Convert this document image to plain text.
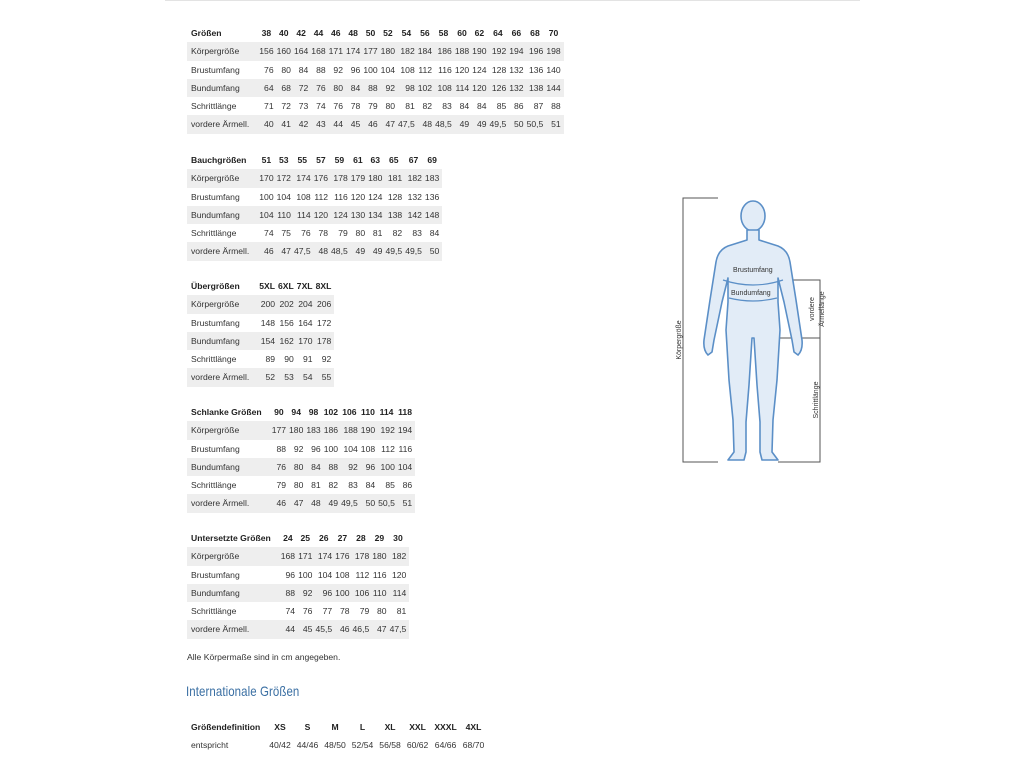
Größen	38	40	42	44	46	48	50	52	54	56	58	60	62	64	66	68	70
Körpergröße	156	160	164	168	171	174	177	180	182	184	186	188	190	192	194	196	198
Brustumfang	76	80	84	88	92	96	100	104	108	112	116	120	124	128	132	136	140
Bundumfang	64	68	72	76	80	84	88	92	98	102	108	114	120	126	132	138	144
Schrittlänge	71	72	73	74	76	78	79	80	81	82	83	84	84	85	86	87	88
vordere Ärmell.	40	41	42	43	44	45	46	47	47,5	48	48,5	49	49	49,5	50	50,5	51
Bauchgrößen	51	53	55	57	59	61	63	65	67	69
Körpergröße	170	172	174	176	178	179	180	181	182	183
Brustumfang	100	104	108	112	116	120	124	128	132	136
Bundumfang	104	110	114	120	124	130	134	138	142	148
Schrittlänge	74	75	76	78	79	80	81	82	83	84
vordere Ärmell.	46	47	47,5	48	48,5	49	49	49,5	49,5	50
Übergrößen	5XL	6XL	7XL	8XL
Körpergröße	200	202	204	206
Brustumfang	148	156	164	172
Bundumfang	154	162	170	178
Schrittlänge	89	90	91	92
vordere Ärmell.	52	53	54	55
Schlanke Größen	90	94	98	102	106	110	114	118
Körpergröße	177	180	183	186	188	190	192	194
Brustumfang	88	92	96	100	104	108	112	116
Bundumfang	76	80	84	88	92	96	100	104
Schrittlänge	79	80	81	82	83	84	85	86
vordere Ärmell.	46	47	48	49	49,5	50	50,5	51
Untersetzte Größen	24	25	26	27	28	29	30
Körpergröße	168	171	174	176	178	180	182
Brustumfang	96	100	104	108	112	116	120
Bundumfang	88	92	96	100	106	110	114
Schrittlänge	74	76	77	78	79	80	81
vordere Ärmell.	44	45	45,5	46	46,5	47	47,5
Alle Körpermaße sind in cm angegeben.
Internationale Größen
Größendefinition	XS	S	M	L	XL	XXL	XXXL	4XL
entspricht	40/42	44/46	48/50	52/54	56/58	60/62	64/66	68/70
Brustumfang
Bundumfang
Körpergröße
vordere Ärmellänge
Schrittlänge
